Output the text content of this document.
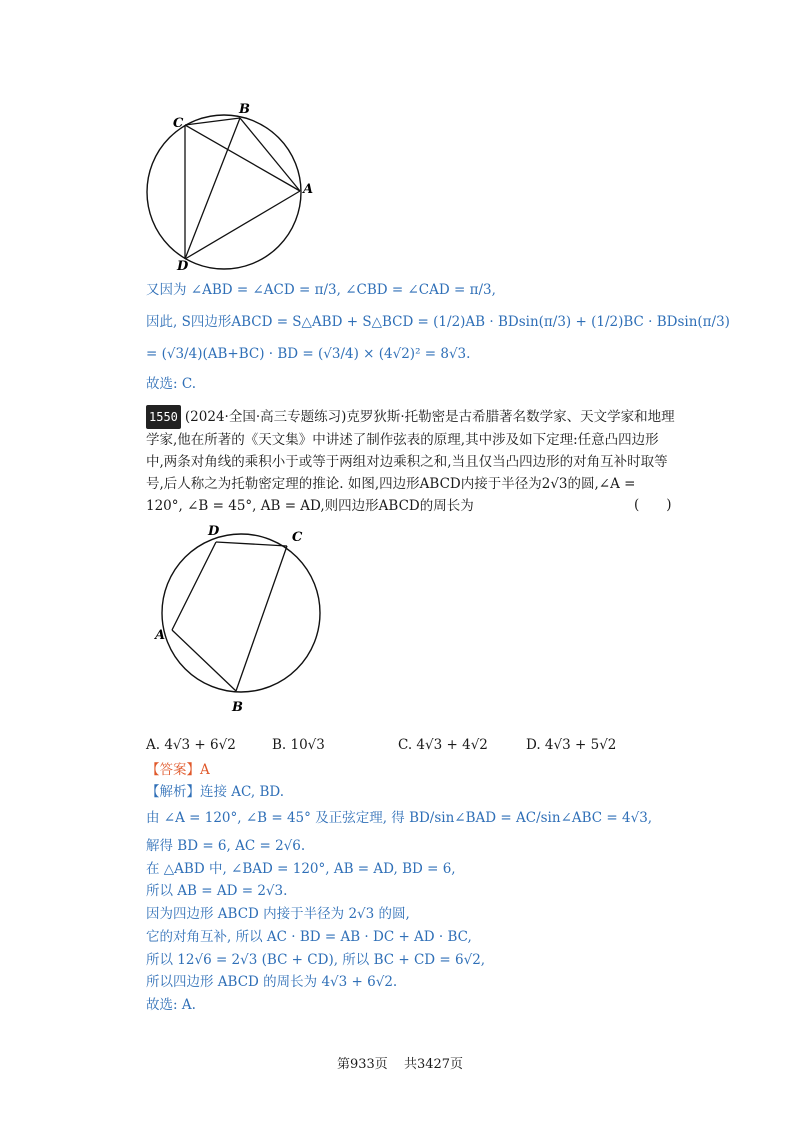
C
B
A
D
又因为 ∠ABD = ∠ACD = π/3, ∠CBD = ∠CAD = π/3,
因此, S四边形ABCD = S△ABD + S△BCD = (1/2)AB · BDsin(π/3) + (1/2)BC · BDsin(π/3)
= (√3/4)(AB+BC) · BD = (√3/4) × (4√2)² = 8√3.
故选: C.
1550 (2024·全国·高三专题练习)克罗狄斯·托勒密是古希腊著名数学家、天文学家和地理学家,他在所著的《天文集》中讲述了制作弦表的原理,其中涉及如下定理:任意凸四边形中,两条对角线的乘积小于或等于两组对边乘积之和,当且仅当凸四边形的对角互补时取等号,后人称之为托勒密定理的推论. 如图,四边形ABCD内接于半径为2√3的圆,∠A = 120°, ∠B = 45°, AB = AD,则四边形ABCD的周长为	(　　)
D	C
A
B
A. 4√3 + 6√2	B. 10√3	C. 4√3 + 4√2	D. 4√3 + 5√2
【答案】A
【解析】连接 AC, BD.
由 ∠A = 120°, ∠B = 45° 及正弦定理, 得 BD/sin∠BAD = AC/sin∠ABC = 4√3,
解得 BD = 6, AC = 2√6.
在 △ABD 中, ∠BAD = 120°, AB = AD, BD = 6,
所以 AB = AD = 2√3.
因为四边形 ABCD 内接于半径为 2√3 的圆,
它的对角互补, 所以 AC · BD = AB · DC + AD · BC,
所以 12√6 = 2√3 (BC + CD), 所以 BC + CD = 6√2,
所以四边形 ABCD 的周长为 4√3 + 6√2.
故选: A.
第933页 共3427页
